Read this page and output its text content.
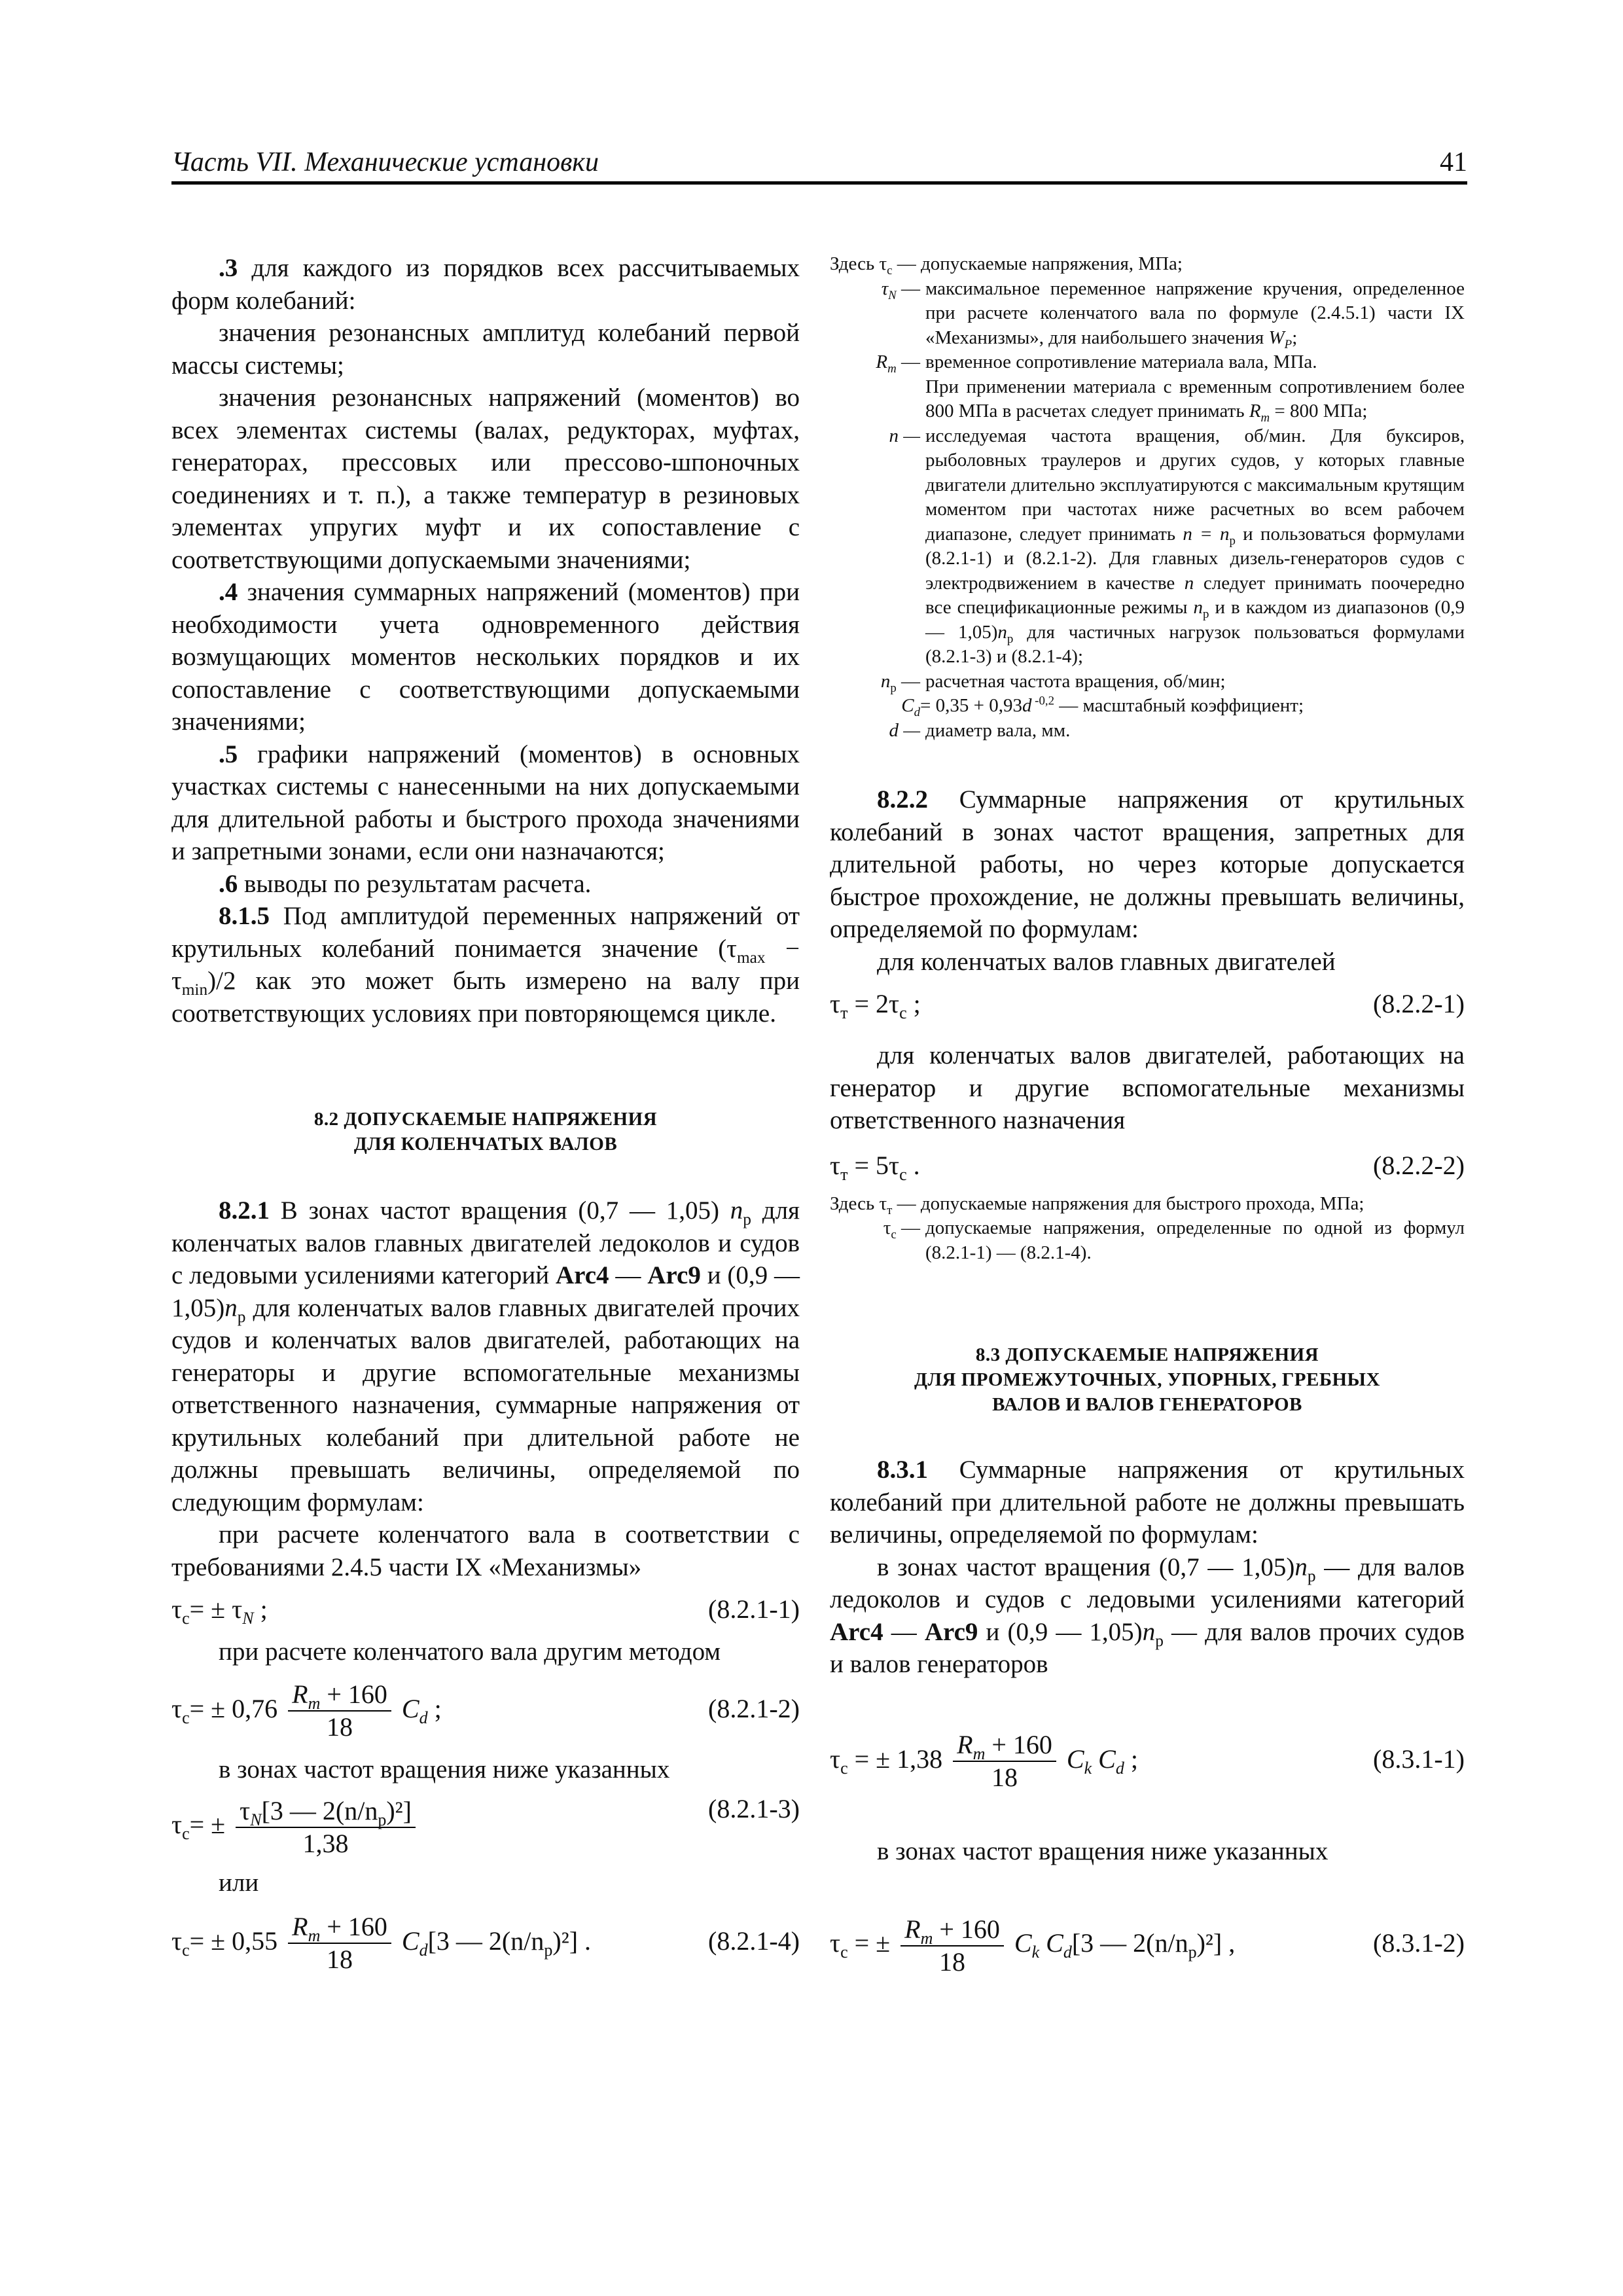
Часть VII. Механические установки	41

.3 для каждого из порядков всех рассчитываемых форм колебаний:

значения резонансных амплитуд колебаний первой массы системы;

значения резонансных напряжений (моментов) во всех элементах системы (валах, редукторах, муфтах, генераторах, прессовых или прессово-шпоночных соединениях и т. п.), а также температур в резиновых элементах упругих муфт и их сопоставление с соответствующими допускаемыми значениями;

.4 значения суммарных напряжений (моментов) при необходимости учета одновременного действия возмущающих моментов нескольких порядков и их сопоставление с соответствующими допускаемыми значениями;

.5 графики напряжений (моментов) в основных участках системы с нанесенными на них допускаемыми для длительной работы и быстрого прохода значениями и запретными зонами, если они назначаются;

.6 выводы по результатам расчета.

8.1.5 Под амплитудой переменных напряжений от крутильных колебаний понимается значение $(\tau_{max} - \tau_{min})/2$ как это может быть измерено на валу при соответствующих условиях при повторяющемся цикле.

8.2 ДОПУСКАЕМЫЕ НАПРЯЖЕНИЯ
ДЛЯ КОЛЕНЧАТЫХ ВАЛОВ

8.2.1 В зонах частот вращения (0,7 — 1,05) $n_p$ для коленчатых валов главных двигателей ледоколов и судов с ледовыми усилениями категорий Arc4 — Arc9 и (0,9 — $1,05)n_p$ для коленчатых валов главных двигателей прочих судов и коленчатых валов двигателей, работающих на генераторы и другие вспомогательные механизмы ответственного назначения, суммарные напряжения от крутильных колебаний при длительной работе не должны превышать величины, определяемой по следующим формулам:

при расчете коленчатого вала в соответствии с требованиями 2.4.5 части IX «Механизмы»

$\tau_c= \pm \tau_N$ ;	(8.2.1-1)

при расчете коленчатого вала другим методом

$\tau_c= \pm 0,76 \frac{R_m + 160}{18} C_d$ ;	(8.2.1-2)

в зонах частот вращения ниже указанных

$\tau_c= \pm \frac{\tau_N[3 — 2(n/n_p)^2]}{1,38}$	(8.2.1-3)

или

$\tau_c= \pm 0,55 \frac{R_m + 160}{18} C_d[3$ — $2(n/n_p)^2$] .	(8.2.1-4)
Здесь $\tau_c$ — допускаемые напряжения, МПа;
$\tau_N$ — максимальное переменное напряжение кручения, определенное при расчете коленчатого вала по формуле (2.4.5.1) части IX «Механизмы», для наибольшего значения $W_P$;
$R_m$ — временное сопротивление материала вала, МПа.
При применении материала с временным сопротивлением более 800 МПа в расчетах следует принимать $R_m = 800$ МПа;
n — исследуемая частота вращения, об/мин. Для буксиров, рыболовных траулеров и других судов, у которых главные двигатели длительно эксплуатируются с максимальным крутящим моментом при частотах ниже расчетных во всем рабочем диапазоне, следует принимать $n = n_p$ и пользоваться формулами (8.2.1-1) и (8.2.1-2). Для главных дизель-генераторов судов с электродвижением в качестве n следует принимать поочередно все спецификационные режимы $n_p$ и в каждом из диапазонов (0,9 — $1,05)n_p$ для частичных нагрузок пользоваться формулами (8.2.1-3) и (8.2.1-4);
$n_p$ — расчетная частота вращения, об/мин;
$C_d = 0,35 + 0,93d$ $^{-0,2}$ — масштабный коэффициент;
d — диаметр вала, мм.

8.2.2 Суммарные напряжения от крутильных колебаний в зонах частот вращения, запретных для длительной работы, но через которые допускается быстрое прохождение, не должны превышать величины, определяемой по формулам:

для коленчатых валов главных двигателей

$\tau_т = 2\tau_c$ ;	(8.2.2-1)

для коленчатых валов двигателей, работающих на генератор и другие вспомогательные механизмы ответственного назначения

$\tau_т = 5\tau_c$ .	(8.2.2-2)
Здесь $\tau_т$ — допускаемые напряжения для быстрого прохода, МПа;
$\tau_c$ — допускаемые напряжения, определенные по одной из формул (8.2.1-1) — (8.2.1-4).

8.3 ДОПУСКАЕМЫЕ НАПРЯЖЕНИЯ
ДЛЯ ПРОМЕЖУТОЧНЫХ, УПОРНЫХ, ГРЕБНЫХ
ВАЛОВ И ВАЛОВ ГЕНЕРАТОРОВ

8.3.1 Суммарные напряжения от крутильных колебаний при длительной работе не должны превышать величины, определяемой по формулам:

в зонах частот вращения (0,7 — $1,05)n_p$ — для валов ледоколов и судов с ледовыми усилениями категорий Arc4 — Arc9 и (0,9 — $1,05)n_p$ — для валов прочих судов и валов генераторов

$\tau_c$ = ± $1,38 \frac{R_m + 160}{18} C_k$ $C_d$ ;	(8.3.1-1)

в зонах частот вращения ниже указанных

$\tau_c$ = ± $\frac{R_m + 160}{18} C_k$ $C_d[3$ — $2(n/n_p)^2$] ,	(8.3.1-2)
